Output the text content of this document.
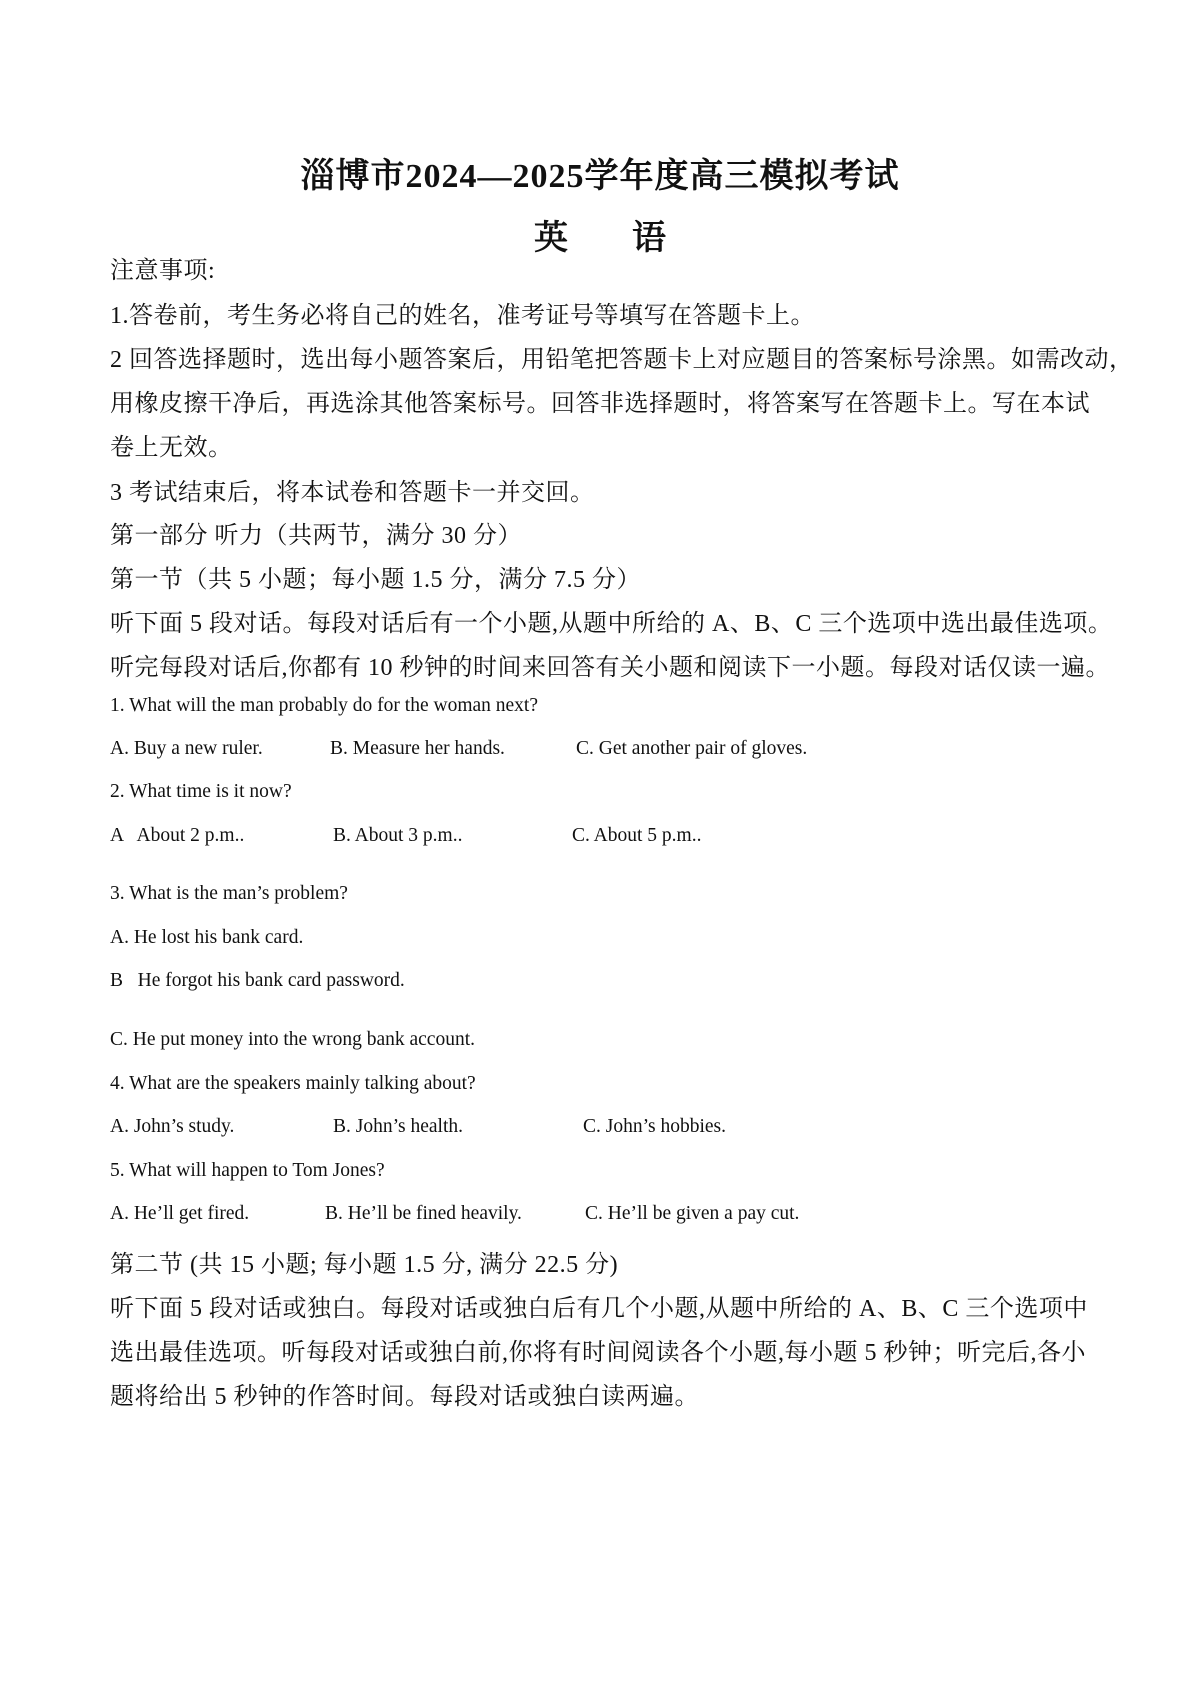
淄博市2024—2025学年度高三模拟考试
英 语
注意事项:
1.答卷前，考生务必将自己的姓名，准考证号等填写在答题卡上。
2 回答选择题时，选出每小题答案后，用铅笔把答题卡上对应题目的答案标号涂黑。如需改动，
用橡皮擦干净后，再选涂其他答案标号。回答非选择题时，将答案写在答题卡上。写在本试
卷上无效。
3 考试结束后，将本试卷和答题卡一并交回。
第一部分 听力（共两节，满分 30 分）
第一节（共 5 小题；每小题 1.5 分，满分 7.5 分）
听下面 5 段对话。每段对话后有一个小题,从题中所给的 A、B、C 三个选项中选出最佳选项。
听完每段对话后,你都有 10 秒钟的时间来回答有关小题和阅读下一小题。每段对话仅读一遍。
1. What will the man probably do for the woman next?
A. Buy a new ruler.	B. Measure her hands.	C. Get another pair of gloves.
2. What time is it now?
A   About 2 p.m..	B. About 3 p.m..	C. About 5 p.m..
3. What is the man’s problem?
A. He lost his bank card.
B   He forgot his bank card password.
C. He put money into the wrong bank account.
4. What are the speakers mainly talking about?
A. John’s study.	B. John’s health.	C. John’s hobbies.
5. What will happen to Tom Jones?
A. He’ll get fired.	B. He’ll be fined heavily.	C. He’ll be given a pay cut.
第二节 (共 15 小题; 每小题 1.5 分, 满分 22.5 分)
听下面 5 段对话或独白。每段对话或独白后有几个小题,从题中所给的 A、B、C 三个选项中
选出最佳选项。听每段对话或独白前,你将有时间阅读各个小题,每小题 5 秒钟；听完后,各小
题将给出 5 秒钟的作答时间。每段对话或独白读两遍。
